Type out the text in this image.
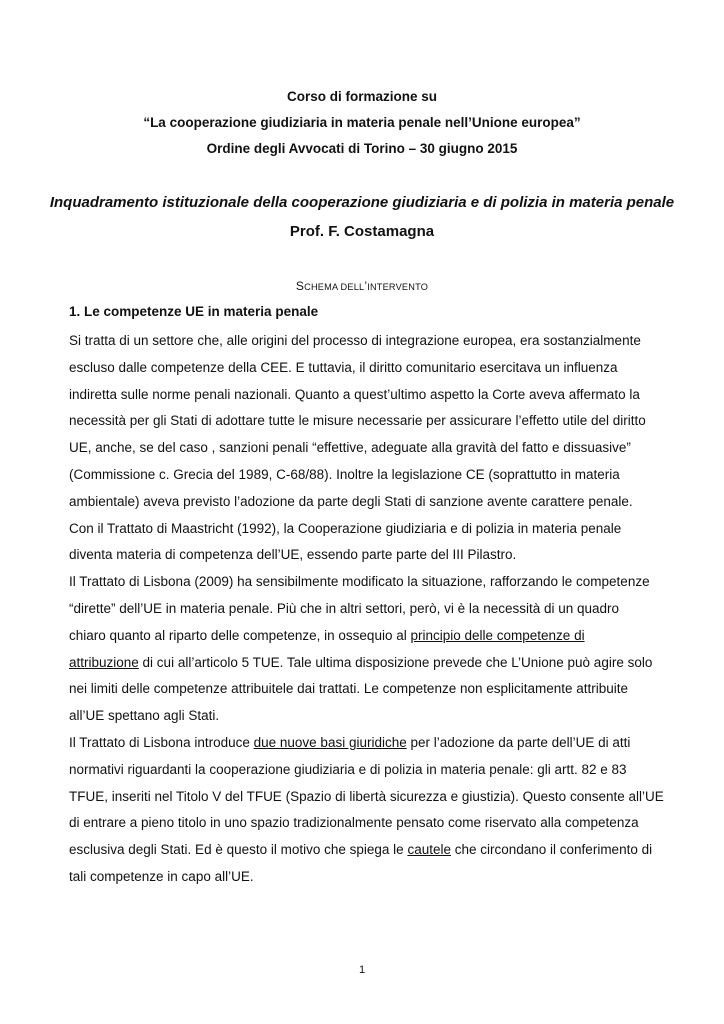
Corso di formazione su
“La cooperazione giudiziaria in materia penale nell’Unione europea”
Ordine degli Avvocati di Torino – 30 giugno 2015
Inquadramento istituzionale della cooperazione giudiziaria e di polizia in materia penale
Prof. F. Costamagna
SCHEMA DELL’INTERVENTO
1. Le competenze UE in materia penale
Si tratta di un settore che, alle origini del processo di integrazione europea, era sostanzialmente
escluso dalle competenze della CEE. E tuttavia, il diritto comunitario esercitava un influenza
indiretta sulle norme penali nazionali. Quanto a quest’ultimo aspetto la Corte aveva affermato la
necessità per gli Stati di adottare tutte le misure necessarie per assicurare l’effetto utile del diritto
UE, anche, se del caso , sanzioni penali “effettive, adeguate alla gravità del fatto e dissuasive”
(Commissione c. Grecia del 1989, C-68/88). Inoltre la legislazione CE (soprattutto in materia
ambientale) aveva previsto l’adozione da parte degli Stati di sanzione avente carattere penale.
Con il Trattato di Maastricht (1992), la Cooperazione giudiziaria e di polizia in materia penale
diventa materia di competenza dell’UE, essendo parte parte del III Pilastro.
Il Trattato di Lisbona (2009) ha sensibilmente modificato la situazione, rafforzando le competenze
“dirette” dell’UE in materia penale. Più che in altri settori, però, vi è la necessità di un quadro
chiaro quanto al riparto delle competenze, in ossequio al principio delle competenze di
attribuzione di cui all’articolo 5 TUE. Tale ultima disposizione prevede che L’Unione può agire solo
nei limiti delle competenze attribuitele dai trattati. Le competenze non esplicitamente attribuite
all’UE spettano agli Stati.
Il Trattato di Lisbona introduce due nuove basi giuridiche per l’adozione da parte dell’UE di atti
normativi riguardanti la cooperazione giudiziaria e di polizia in materia penale: gli artt. 82 e 83
TFUE, inseriti nel Titolo V del TFUE (Spazio di libertà sicurezza e giustizia). Questo consente all’UE
di entrare a pieno titolo in uno spazio tradizionalmente pensato come riservato alla competenza
esclusiva degli Stati. Ed è questo il motivo che spiega le cautele che circondano il conferimento di
tali competenze in capo all’UE.
1
